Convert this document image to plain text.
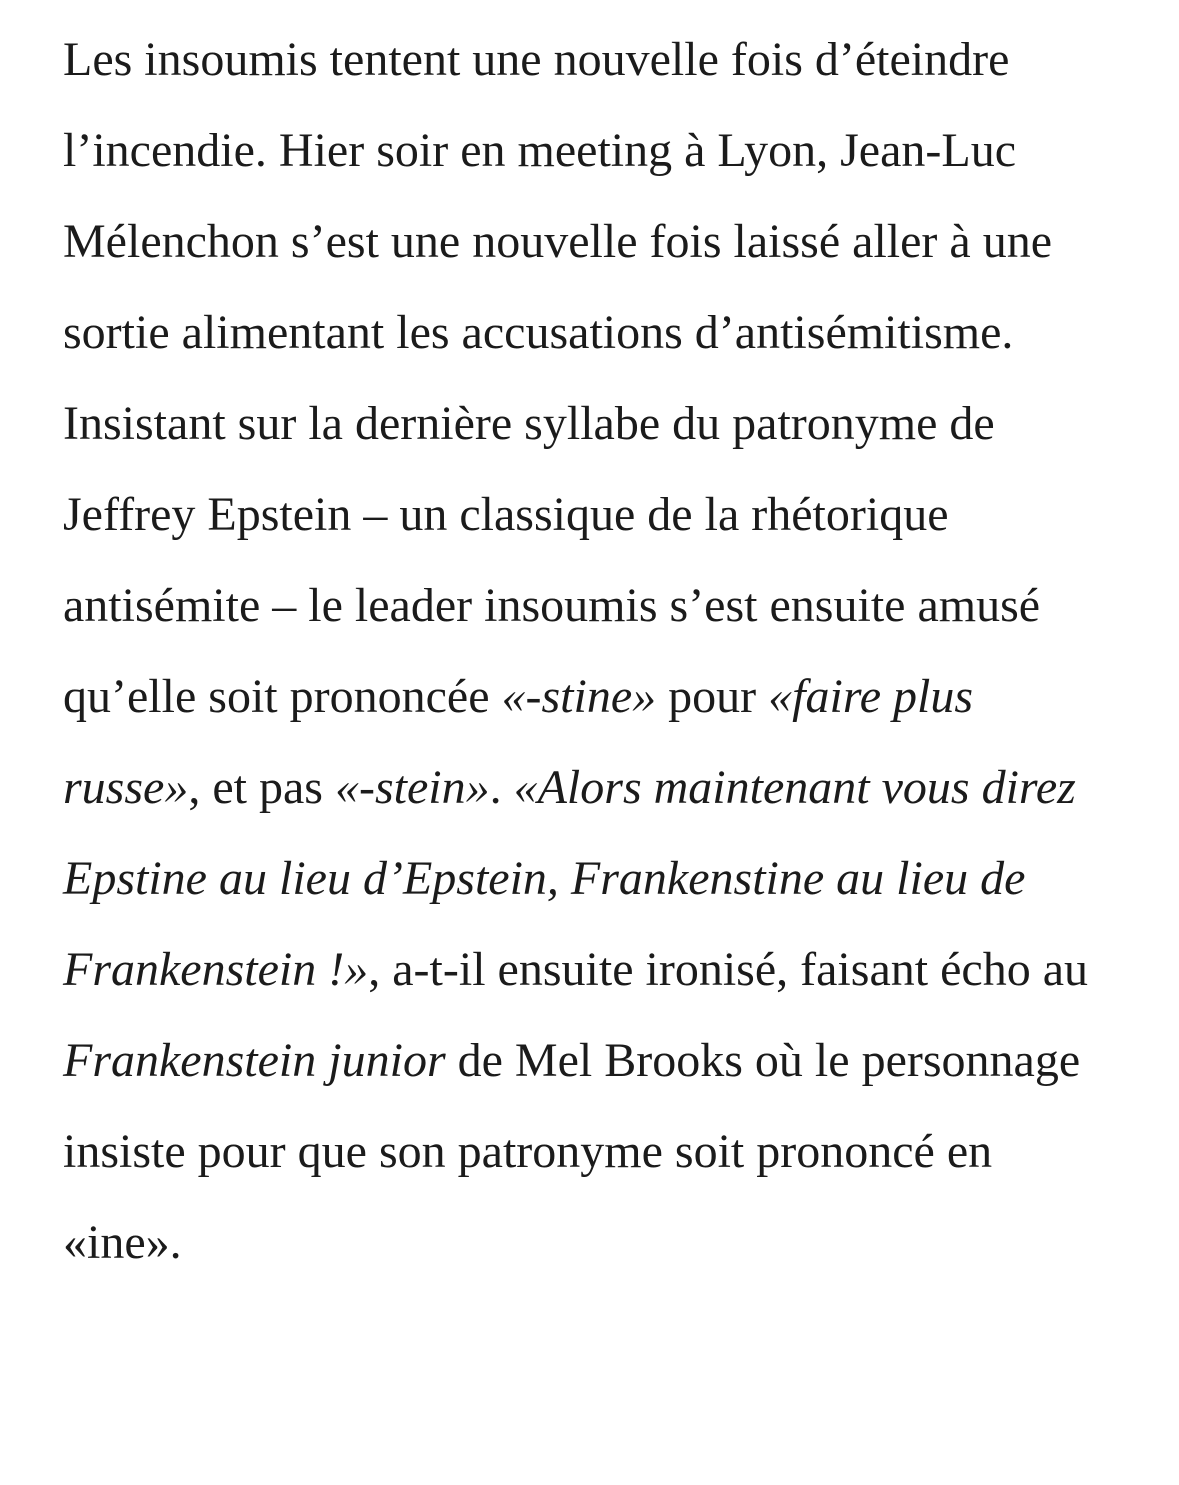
Les insoumis tentent une nouvelle fois d’éteindre l’incendie. Hier soir en meeting à Lyon, Jean-Luc Mélenchon s’est une nouvelle fois laissé aller à une sortie alimentant les accusations d’antisémitisme. Insistant sur la dernière syllabe du patronyme de Jeffrey Epstein – un classique de la rhétorique antisémite – le leader insoumis s’est ensuite amusé qu’elle soit prononcée «-stine» pour «faire plus russe», et pas «-stein». «Alors maintenant vous direz Epstine au lieu d’Epstein, Frankenstine au lieu de Frankenstein !», a-t-il ensuite ironisé, faisant écho au Frankenstein junior de Mel Brooks où le personnage insiste pour que son patronyme soit prononcé en «ine».
